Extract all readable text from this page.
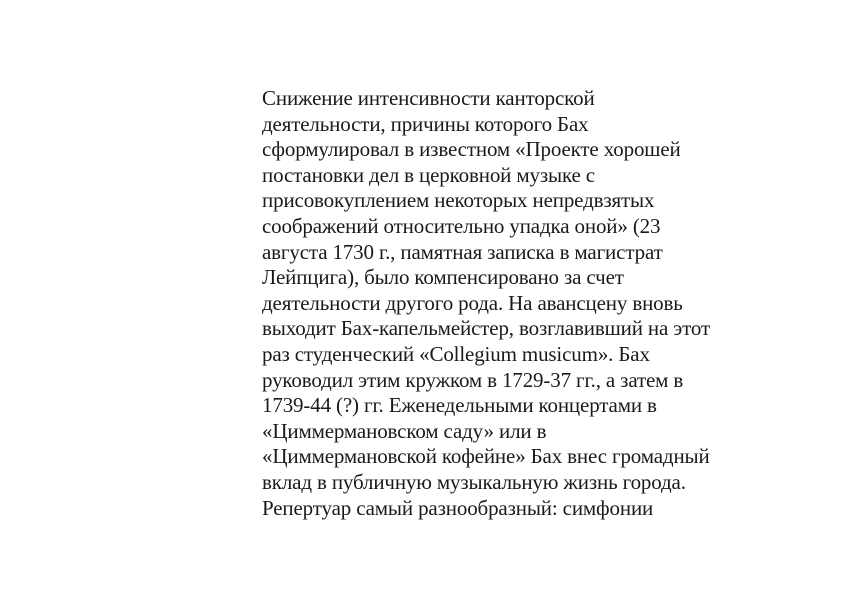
Снижение интенсивности канторской
деятельности, причины которого Бах
сформулировал в известном «Проекте хорошей
постановки дел в церковной музыке с
присовокуплением некоторых непредвзятых
соображений относительно упадка оной» (23
августа 1730 г., памятная записка в магистрат
Лейпцига), было компенсировано за счет
деятельности другого рода. На авансцену вновь
выходит Бах-капельмейстер, возглавивший на этот
раз студенческий «Collegium musicum». Бах
руководил этим кружком в 1729-37 гг., а затем в
1739-44 (?) гг. Еженедельными концертами в
«Циммермановском саду» или в
«Циммермановской кофейне» Бах внес громадный
вклад в публичную музыкальную жизнь города.
Репертуар самый разнообразный: симфонии
